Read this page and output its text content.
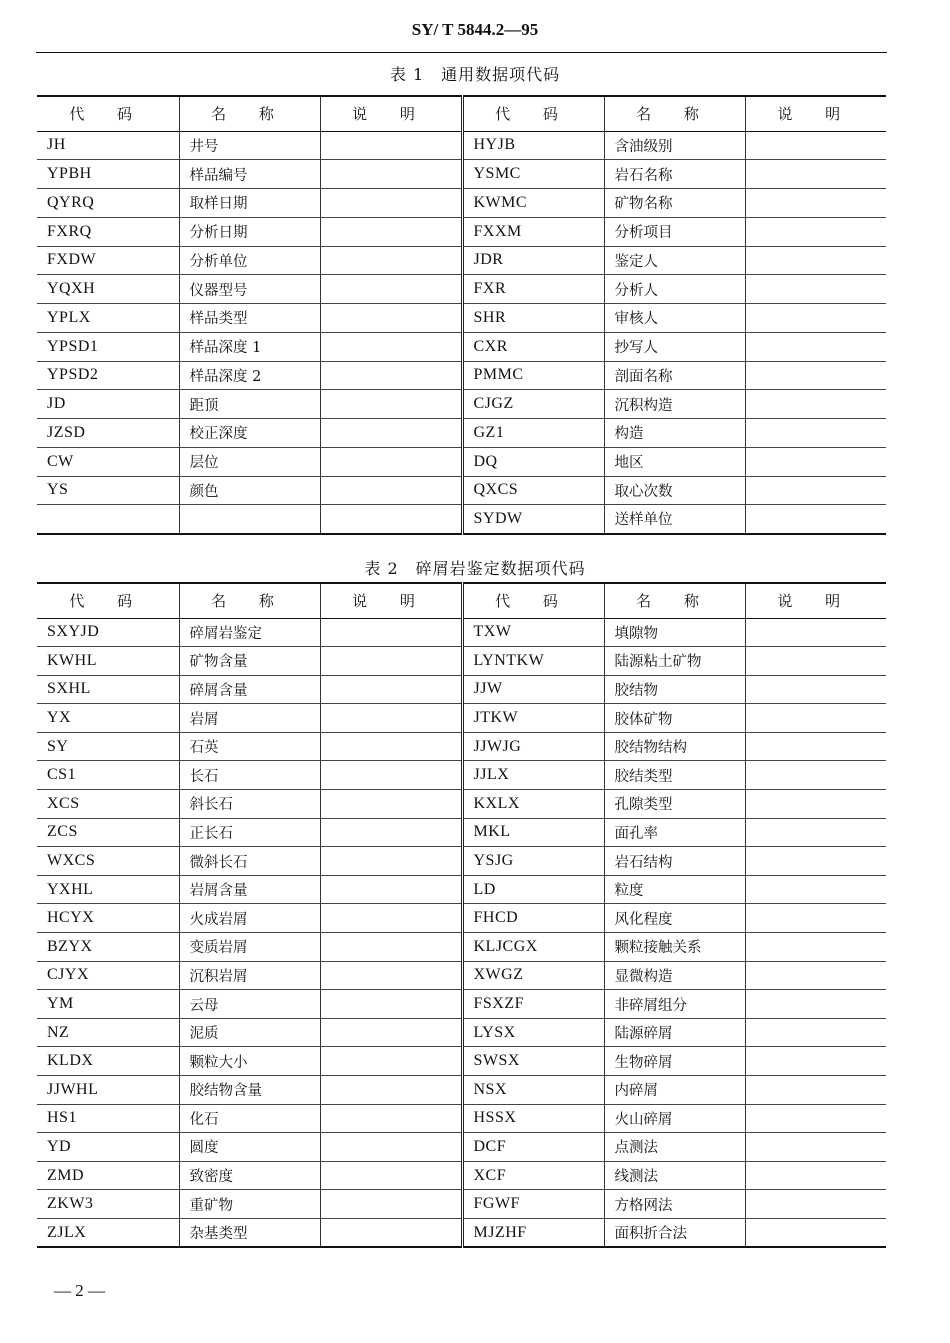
SY/ T 5844.2—95
表 1　通用数据项代码
代 码	名 称	说 明	代 码	名 称	说 明
JH	井号		HYJB	含油级别	
YPBH	样品编号		YSMC	岩石名称	
QYRQ	取样日期		KWMC	矿物名称	
FXRQ	分析日期		FXXM	分析项目	
FXDW	分析单位		JDR	鉴定人	
YQXH	仪器型号		FXR	分析人	
YPLX	样品类型		SHR	审核人	
YPSD1	样品深度 1		CXR	抄写人	
YPSD2	样品深度 2		PMMC	剖面名称	
JD	距顶		CJGZ	沉积构造	
JZSD	校正深度		GZ1	构造	
CW	层位		DQ	地区	
YS	颜色		QXCS	取心次数	
			SYDW	送样单位	
表 2　碎屑岩鉴定数据项代码
代 码	名 称	说 明	代 码	名 称	说 明
SXYJD	碎屑岩鉴定		TXW	填隙物	
KWHL	矿物含量		LYNTKW	陆源粘土矿物	
SXHL	碎屑含量		JJW	胶结物	
YX	岩屑		JTKW	胶体矿物	
SY	石英		JJWJG	胶结物结构	
CS1	长石		JJLX	胶结类型	
XCS	斜长石		KXLX	孔隙类型	
ZCS	正长石		MKL	面孔率	
WXCS	微斜长石		YSJG	岩石结构	
YXHL	岩屑含量		LD	粒度	
HCYX	火成岩屑		FHCD	风化程度	
BZYX	变质岩屑		KLJCGX	颗粒接触关系	
CJYX	沉积岩屑		XWGZ	显微构造	
YM	云母		FSXZF	非碎屑组分	
NZ	泥质		LYSX	陆源碎屑	
KLDX	颗粒大小		SWSX	生物碎屑	
JJWHL	胶结物含量		NSX	内碎屑	
HS1	化石		HSSX	火山碎屑	
YD	圆度		DCF	点测法	
ZMD	致密度		XCF	线测法	
ZKW3	重矿物		FGWF	方格网法	
ZJLX	杂基类型		MJZHF	面积折合法	
— 2 —
